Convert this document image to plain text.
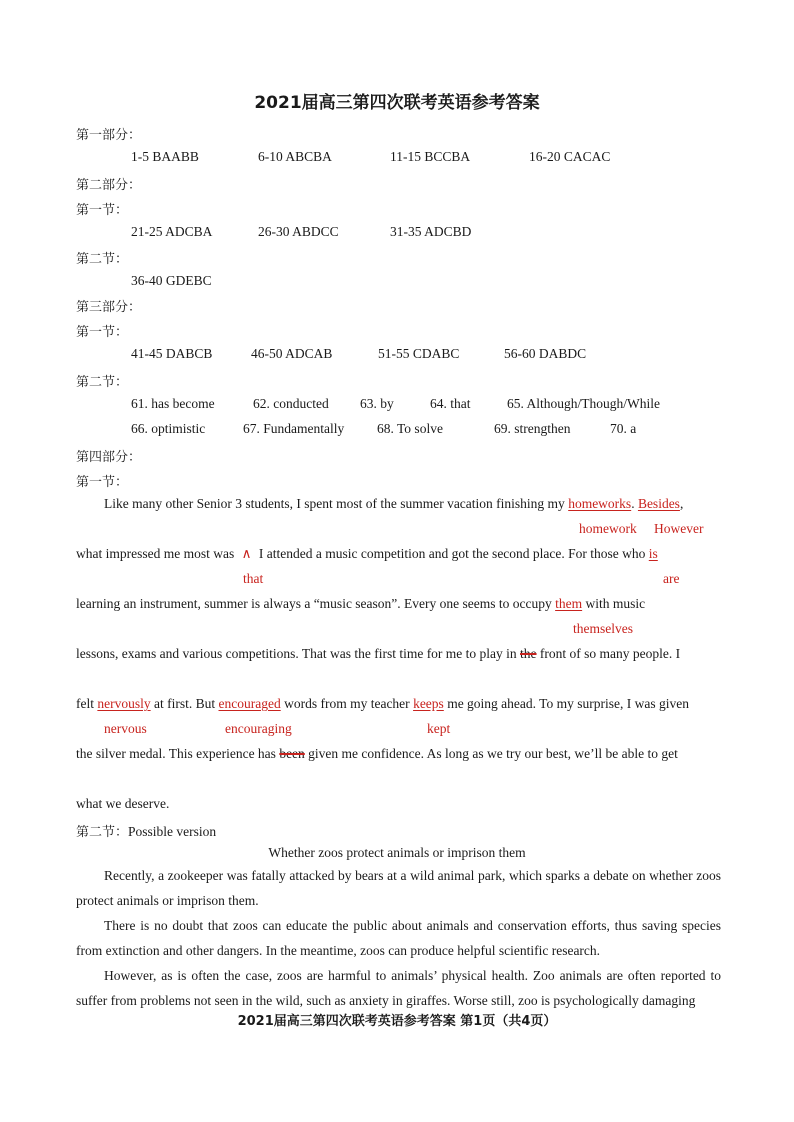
2021届高三第四次联考英语参考答案
第一部分：
1-5 BAABB	6-10 ABCBA	11-15 BCCBA	16-20 CACAC
第二部分：
第一节：
21-25 ADCBA	26-30 ABDCC	31-35 ADCBD
第二节：
36-40 GDEBC
第三部分：
第一节：
41-45 DABCB	46-50 ADCAB	51-55 CDABC	56-60 DABDC
第二节：
61. has become	62. conducted 63. by	64. that	65. Although/Though/While
66. optimistic	67. Fundamentally 68. To solve	69. strengthen	70. a
第四部分：
第一节：
Like many other Senior 3 students, I spent most of the summer vacation finishing my homeworks. Besides,
homework However
what impressed me most was ∧ I attended a music competition and got the second place. For those who is
that	are
learning an instrument, summer is always a “music season”. Every one seems to occupy them with music
themselves
lessons, exams and various competitions. That was the first time for me to play in the front of so many people. I
felt nervously at first. But encouraged words from my teacher keeps me going ahead. To my surprise, I was given
nervous	encouraging	kept
the silver medal. This experience has been given me confidence. As long as we try our best, we’ll be able to get
what we deserve.
第二节：Possible version
Whether zoos protect animals or imprison them
Recently, a zookeeper was fatally attacked by bears at a wild animal park, which sparks a debate on whether zoos protect animals or imprison them.
There is no doubt that zoos can educate the public about animals and conservation efforts, thus saving species from extinction and other dangers. In the meantime, zoos can produce helpful scientific research.
However, as is often the case, zoos are harmful to animals’ physical health. Zoo animals are often reported to suffer from problems not seen in the wild, such as anxiety in giraffes. Worse still, zoo is psychologically damaging
2021届高三第四次联考英语参考答案 第1页（共4页）
